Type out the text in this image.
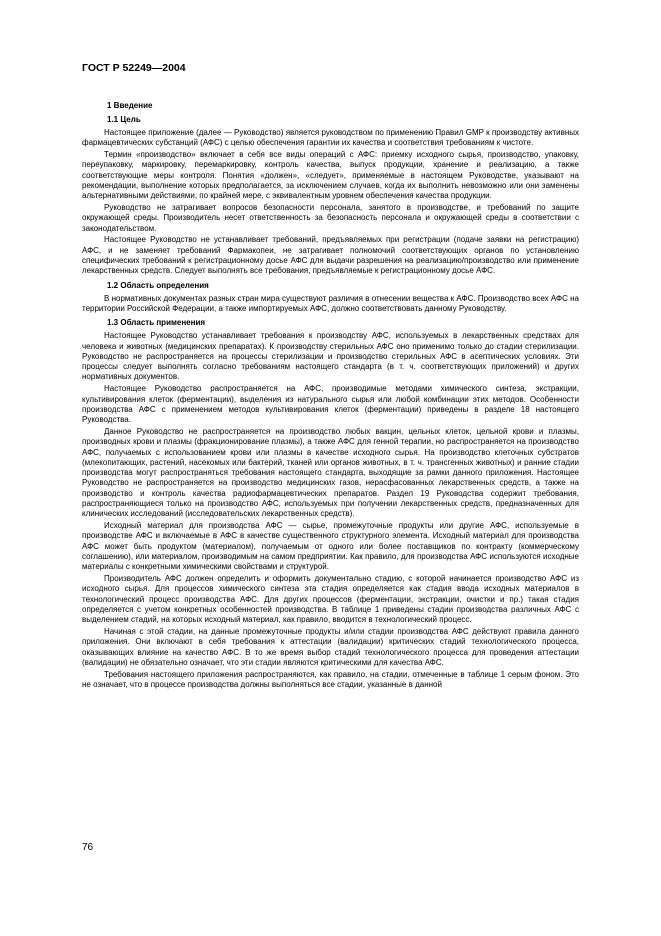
ГОСТ Р 52249—2004
1 Введение
1.1 Цель
Настоящее приложение (далее — Руководство) является руководством по применению Правил GMP к производству активных фармацевтических субстанций (АФС) с целью обеспечения гарантии их качества и соответствия требованиям к чистоте.
Термин «производство» включает в себя все виды операций с АФС: приемку исходного сырья, производство, упаковку, переупаковку, маркировку, перемаркировку, контроль качества, выпуск продукции, хранение и реализацию, а также соответствующие меры контроля. Понятия «должен», «следует», применяемые в настоящем Руководстве, указывают на рекомендации, выполнение которых предполагается, за исключением случаев, когда их выполнить невозможно или они заменены альтернативными действиями, по крайней мере, с эквивалентным уровнем обеспечения качества продукции.
Руководство не затрагивает вопросов безопасности персонала, занятого в производстве, и требований по защите окружающей среды. Производитель несет ответственность за безопасность персонала и окружающей среды в соответствии с законодательством.
Настоящее Руководство не устанавливает требований, предъявляемых при регистрации (подаче заявки на регистрацию) АФС, и не заменяет требований Фармакопеи, не затрагивает полномочий соответствующих органов по установлению специфических требований к регистрационному досье АФС для выдачи разрешения на реализацию/производство или применение лекарственных средств. Следует выполнять все требования, предъявляемые к регистрационному досье АФС.
1.2 Область определения
В нормативных документах разных стран мира существуют различия в отнесении вещества к АФС. Производство всех АФС на территории Российской Федерации, а также импортируемых АФС, должно соответствовать данному Руководству.
1.3 Область применения
Настоящее Руководство устанавливает требования к производству АФС, используемых в лекарственных средствах для человека и животных (медицинских препаратах). К производству стерильных АФС оно применимо только до стадии стерилизации. Руководство не распространяется на процессы стерилизации и производство стерильных АФС в асептических условиях. Эти процессы следует выполнять согласно требованиям настоящего стандарта (в т. ч. соответствующих приложений) и других нормативных документов.
Настоящее Руководство распространяется на АФС, производимые методами химического синтеза, экстракции, культивирования клеток (ферментации), выделения из натурального сырья или любой комбинации этих методов. Особенности производства АФС с применением методов культивирования клеток (ферментации) приведены в разделе 18 настоящего Руководства.
Данное Руководство не распространяется на производство любых вакцин, цельных клеток, цельной крови и плазмы, производных крови и плазмы (фракционирование плазмы), а также АФС для генной терапии, но распространяется на производство АФС, получаемых с использованием крови или плазмы в качестве исходного сырья. На производство клеточных субстратов (млекопитающих, растений, насекомых или бактерий, тканей или органов животных, в т. ч. трансгенных животных) и ранние стадии производства могут распространяться требования настоящего стандарта, выходящие за рамки данного приложения. Настоящее Руководство не распространяется на производство медицинских газов, нерасфасованных лекарственных средств, а также на производство и контроль качества радиофармацевтических препаратов. Раздел 19 Руководства содержит требования, распространяющиеся только на производство АФС, используемых при получении лекарственных средств, предназначенных для клинических исследований (исследовательских лекарственных средств).
Исходный материал для производства АФС — сырье, промежуточные продукты или другие АФС, используемые в производстве АФС и включаемые в АФС в качестве существенного структурного элемента. Исходный материал для производства АФС может быть продуктом (материалом), получаемым от одного или более поставщиков по контракту (коммерческому соглашению), или материалом, производимым на самом предприятии. Как правило, для производства АФС используются исходные материалы с конкретными химическими свойствами и структурой.
Производитель АФС должен определить и оформить документально стадию, с которой начинается производство АФС из исходного сырья. Для процессов химического синтеза эта стадия определяется как стадия ввода исходных материалов в технологический процесс производства АФС. Для других процессов (ферментации, экстракции, очистки и пр.) такая стадия определяется с учетом конкретных особенностей производства. В таблице 1 приведены стадии производства различных АФС с выделением стадий, на которых исходный материал, как правило, вводится в технологический процесс.
Начиная с этой стадии, на данные промежуточные продукты и/или стадии производства АФС действуют правила данного приложения. Они включают в себя требования к аттестации (валидации) критических стадий технологического процесса, оказывающих влияние на качество АФС. В то же время выбор стадий технологического процесса для проведения аттестации (валидации) не обязательно означает, что эти стадии являются критическими для качества АФС.
Требования настоящего приложения распространяются, как правило, на стадии, отмеченные в таблице 1 серым фоном. Это не означает, что в процессе производства должны выполняться все стадии, указанные в данной
76
